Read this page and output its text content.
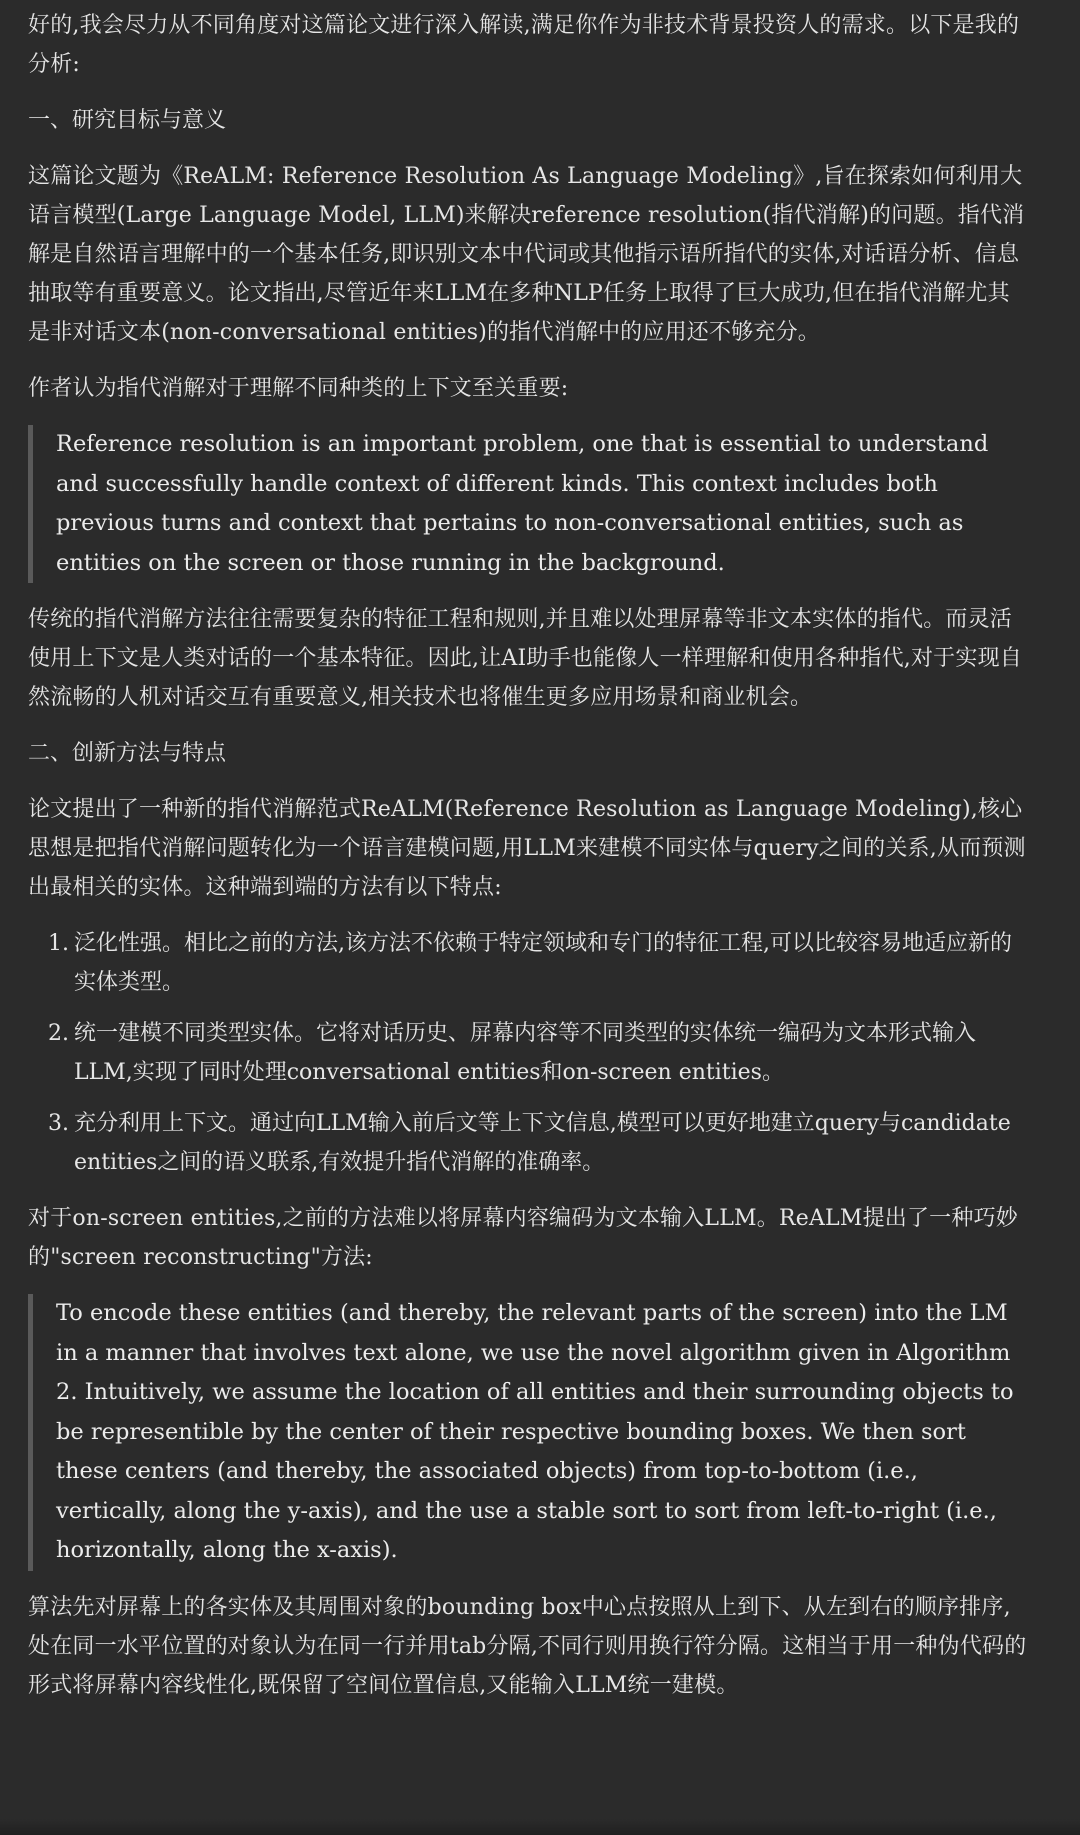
好的,我会尽力从不同角度对这篇论文进行深入解读,满足你作为非技术背景投资人的需求。以下是我的分析:

一、研究目标与意义

这篇论文题为《ReALM: Reference Resolution As Language Modeling》,旨在探索如何利用大语言模型(Large Language Model, LLM)来解决reference resolution(指代消解)的问题。指代消解是自然语言理解中的一个基本任务,即识别文本中代词或其他指示语所指代的实体,对话语分析、信息抽取等有重要意义。论文指出,尽管近年来LLM在多种NLP任务上取得了巨大成功,但在指代消解尤其是非对话文本(non-conversational entities)的指代消解中的应用还不够充分。

作者认为指代消解对于理解不同种类的上下文至关重要:

Reference resolution is an important problem, one that is essential to understand and successfully handle context of different kinds. This context includes both previous turns and context that pertains to non-conversational entities, such as entities on the screen or those running in the background.

传统的指代消解方法往往需要复杂的特征工程和规则,并且难以处理屏幕等非文本实体的指代。而灵活使用上下文是人类对话的一个基本特征。因此,让AI助手也能像人一样理解和使用各种指代,对于实现自然流畅的人机对话交互有重要意义,相关技术也将催生更多应用场景和商业机会。

二、创新方法与特点

论文提出了一种新的指代消解范式ReALM(Reference Resolution as Language Modeling),核心思想是把指代消解问题转化为一个语言建模问题,用LLM来建模不同实体与query之间的关系,从而预测出最相关的实体。这种端到端的方法有以下特点:

1. 泛化性强。相比之前的方法,该方法不依赖于特定领域和专门的特征工程,可以比较容易地适应新的实体类型。
2. 统一建模不同类型实体。它将对话历史、屏幕内容等不同类型的实体统一编码为文本形式输入LLM,实现了同时处理conversational entities和on-screen entities。
3. 充分利用上下文。通过向LLM输入前后文等上下文信息,模型可以更好地建立query与candidate entities之间的语义联系,有效提升指代消解的准确率。

对于on-screen entities,之前的方法难以将屏幕内容编码为文本输入LLM。ReALM提出了一种巧妙的"screen reconstructing"方法:

To encode these entities (and thereby, the relevant parts of the screen) into the LM in a manner that involves text alone, we use the novel algorithm given in Algorithm 2. Intuitively, we assume the location of all entities and their surrounding objects to be representible by the center of their respective bounding boxes. We then sort these centers (and thereby, the associated objects) from top-to-bottom (i.e., vertically, along the y-axis), and the use a stable sort to sort from left-to-right (i.e., horizontally, along the x-axis).

算法先对屏幕上的各实体及其周围对象的bounding box中心点按照从上到下、从左到右的顺序排序,处在同一水平位置的对象认为在同一行并用tab分隔,不同行则用换行符分隔。这相当于用一种伪代码的形式将屏幕内容线性化,既保留了空间位置信息,又能输入LLM统一建模。
